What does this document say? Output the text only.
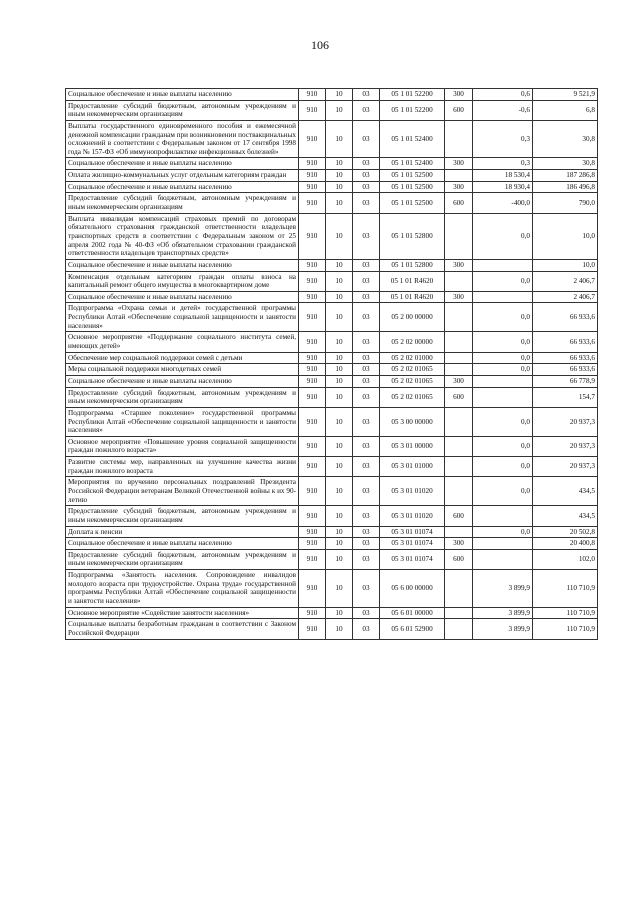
106
Социальное обеспечение и иные выплаты населению	910	10	03	05 1 01 52200	300	0,6	9 521,9
Предоставление субсидий бюджетным, автономным учреждениям и иным некоммерческим организациям	910	10	03	05 1 01 52200	600	-0,6	6,8
Выплаты государственного единовременного пособия и ежемесячной денежной компенсации гражданам при возникновении поствакцинальных осложнений в соответствии с Федеральным законом от 17 сентября 1998 года № 157-ФЗ «Об иммунопрофилактике инфекционных болезней»	910	10	03	05 1 01 52400		0,3	30,8
Социальное обеспечение и иные выплаты населению	910	10	03	05 1 01 52400	300	0,3	30,8
Оплата жилищно-коммунальных услуг отдельным категориям граждан	910	10	03	05 1 01 52500		18 530,4	187 286,8
Социальное обеспечение и иные выплаты населению	910	10	03	05 1 01 52500	300	18 930,4	186 496,8
Предоставление субсидий бюджетным, автономным учреждениям и иным некоммерческим организациям	910	10	03	05 1 01 52500	600	-400,0	790,0
Выплата инвалидам компенсаций страховых премий по договорам обязательного страхования гражданской ответственности владельцев транспортных средств в соответствии с Федеральным законом от 25 апреля 2002 года № 40-ФЗ «Об обязательном страховании гражданской ответственности владельцев транспортных средств»	910	10	03	05 1 01 52800		0,0	10,0
Социальное обеспечение и иные выплаты населению	910	10	03	05 1 01 52800	300		10,0
Компенсация отдельным категориям граждан оплаты взноса на капитальный ремонт общего имущества в многоквартирном доме	910	10	03	05 1 01 R4620		0,0	2 406,7
Социальное обеспечение и иные выплаты населению	910	10	03	05 1 01 R4620	300		2 406,7
Подпрограмма «Охрана семьи и детей» государственной программы Республики Алтай «Обеспечение социальной защищенности и занятости населения»	910	10	03	05 2 00 00000		0,0	66 933,6
Основное мероприятие «Поддержание социального института семей, имеющих детей»	910	10	03	05 2 02 00000		0,0	66 933,6
Обеспечение мер социальной поддержки семей с детьми	910	10	03	05 2 02 01000		0,0	66 933,6
Меры социальной поддержки многодетных семей	910	10	03	05 2 02 01065		0,0	66 933,6
Социальное обеспечение и иные выплаты населению	910	10	03	05 2 02 01065	300		66 778,9
Предоставление субсидий бюджетным, автономным учреждениям и иным некоммерческим организациям	910	10	03	05 2 02 01065	600		154,7
Подпрограмма «Старшее поколение» государственной программы Республики Алтай «Обеспечение социальной защищенности и занятости населения»	910	10	03	05 3 00 00000		0,0	20 937,3
Основное мероприятие «Повышение уровня социальной защищенности граждан пожилого возраста»	910	10	03	05 3 01 00000		0,0	20 937,3
Развитие системы мер, направленных на улучшение качества жизни граждан пожилого возраста	910	10	03	05 3 01 01000		0,0	20 937,3
Мероприятия по вручению персональных поздравлений Президента Российской Федерации ветеранам Великой Отечественной войны к их 90-летию	910	10	03	05 3 01 01020		0,0	434,5
Предоставление субсидий бюджетным, автономным учреждениям и иным некоммерческим организациям	910	10	03	05 3 01 01020	600		434,5
Доплата к пенсии	910	10	03	05 3 01 01074		0,0	20 502,8
Социальное обеспечение и иные выплаты населению	910	10	03	05 3 01 01074	300		20 400,8
Предоставление субсидий бюджетным, автономным учреждениям и иным некоммерческим организациям	910	10	03	05 3 01 01074	600		102,0
Подпрограмма «Занятость населения. Сопровождение инвалидов молодого возраста при трудоустройстве. Охрана труда» государственной программы Республики Алтай «Обеспечение социальной защищенности и занятости населения»	910	10	03	05 6 00 00000		3 899,9	110 710,9
Основное мероприятие «Содействие занятости населения»	910	10	03	05 6 01 00000		3 899,9	110 710,9
Социальные выплаты безработным гражданам в соответствии с Законом Российской Федерации	910	10	03	05 6 01 52900		3 899,9	110 710,9
